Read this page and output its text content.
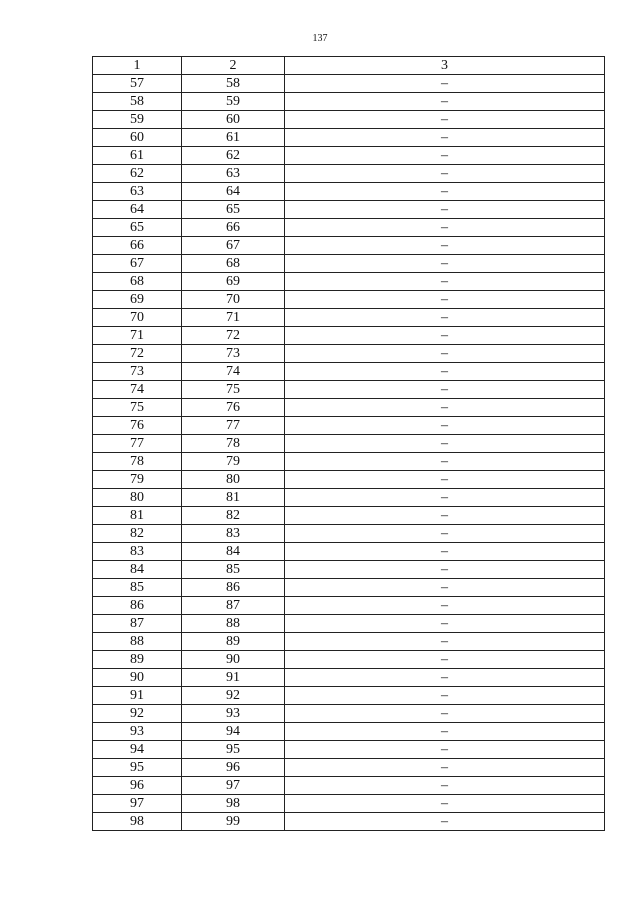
137
1	2	3
57	58	–
58	59	–
59	60	–
60	61	–
61	62	–
62	63	–
63	64	–
64	65	–
65	66	–
66	67	–
67	68	–
68	69	–
69	70	–
70	71	–
71	72	–
72	73	–
73	74	–
74	75	–
75	76	–
76	77	–
77	78	–
78	79	–
79	80	–
80	81	–
81	82	–
82	83	–
83	84	–
84	85	–
85	86	–
86	87	–
87	88	–
88	89	–
89	90	–
90	91	–
91	92	–
92	93	–
93	94	–
94	95	–
95	96	–
96	97	–
97	98	–
98	99	–
